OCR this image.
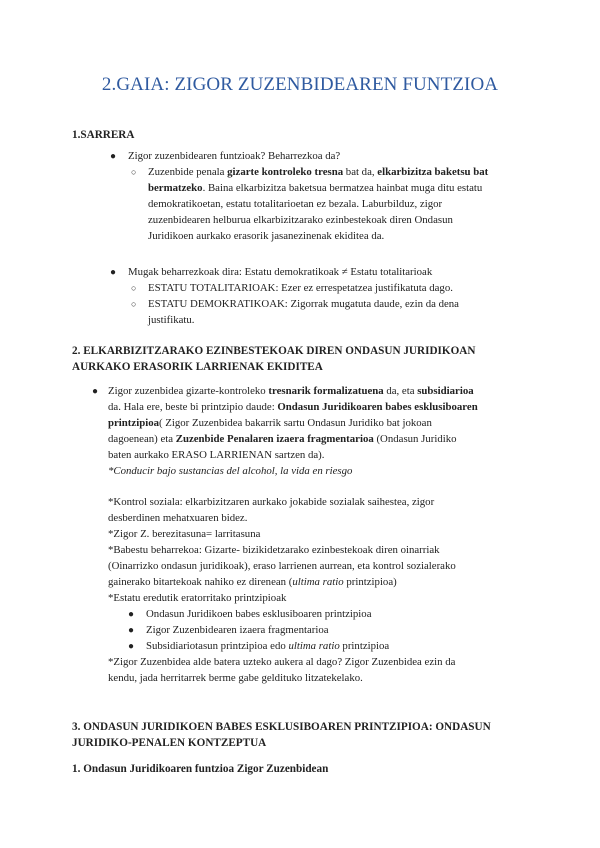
2.GAIA: ZIGOR ZUZENBIDEAREN FUNTZIOA
1.SARRERA
● Zigor zuzenbidearen funtzioak? Beharrezkoa da?
○ Zuzenbide penala gizarte kontroleko tresna bat da, elkarbizitza baketsu bat
bermatzeko. Baina elkarbizitza baketsua bermatzea hainbat muga ditu estatu
demokratikoetan, estatu totalitarioetan ez bezala. Laburbilduz, zigor
zuzenbidearen helburua elkarbizitzarako ezinbestekoak diren Ondasun
Juridikoen aurkako erasorik jasanezinenak ekiditea da.
● Mugak beharrezkoak dira: Estatu demokratikoak ≠ Estatu totalitarioak
○ ESTATU TOTALITARIOAK: Ezer ez errespetatzea justifikatuta dago.
○ ESTATU DEMOKRATIKOAK: Zigorrak mugatuta daude, ezin da dena
justifikatu.
2. ELKARBIZITZARAKO EZINBESTEKOAK DIREN ONDASUN JURIDIKOAN
AURKAKO ERASORIK LARRIENAK EKIDITEA
● Zigor zuzenbidea gizarte-kontroleko tresnarik formalizatuena da, eta subsidiarioa
da. Hala ere, beste bi printzipio daude: Ondasun Juridikoaren babes esklusiboaren
printzipioa( Zigor Zuzenbidea bakarrik sartu Ondasun Juridiko bat jokoan
dagoenean) eta Zuzenbide Penalaren izaera fragmentarioa (Ondasun Juridiko
baten aurkako ERASO LARRIENAN sartzen da).
*Conducir bajo sustancias del alcohol, la vida en riesgo
*Kontrol soziala: elkarbizitzaren aurkako jokabide sozialak saihestea, zigor
desberdinen mehatxuaren bidez.
*Zigor Z. berezitasuna= larritasuna
*Babestu beharrekoa: Gizarte- bizikidetzarako ezinbestekoak diren oinarriak
(Oinarrizko ondasun juridikoak), eraso larrienen aurrean, eta kontrol sozialerako
gainerako bitartekoak nahiko ez direnean (ultima ratio printzipioa)
*Estatu eredutik eratorritako printzipioak
● Ondasun Juridikoen babes esklusiboaren printzipioa
● Zigor Zuzenbidearen izaera fragmentarioa
● Subsidiariotasun printzipioa edo ultima ratio printzipioa
*Zigor Zuzenbidea alde batera uzteko aukera al dago? Zigor Zuzenbidea ezin da
kendu, jada herritarrek berme gabe geldituko litzatekelako.
3. ONDASUN JURIDIKOEN BABES ESKLUSIBOAREN PRINTZIPIOA: ONDASUN
JURIDIKO-PENALEN KONTZEPTUA
1. Ondasun Juridikoaren funtzioa Zigor Zuzenbidean
